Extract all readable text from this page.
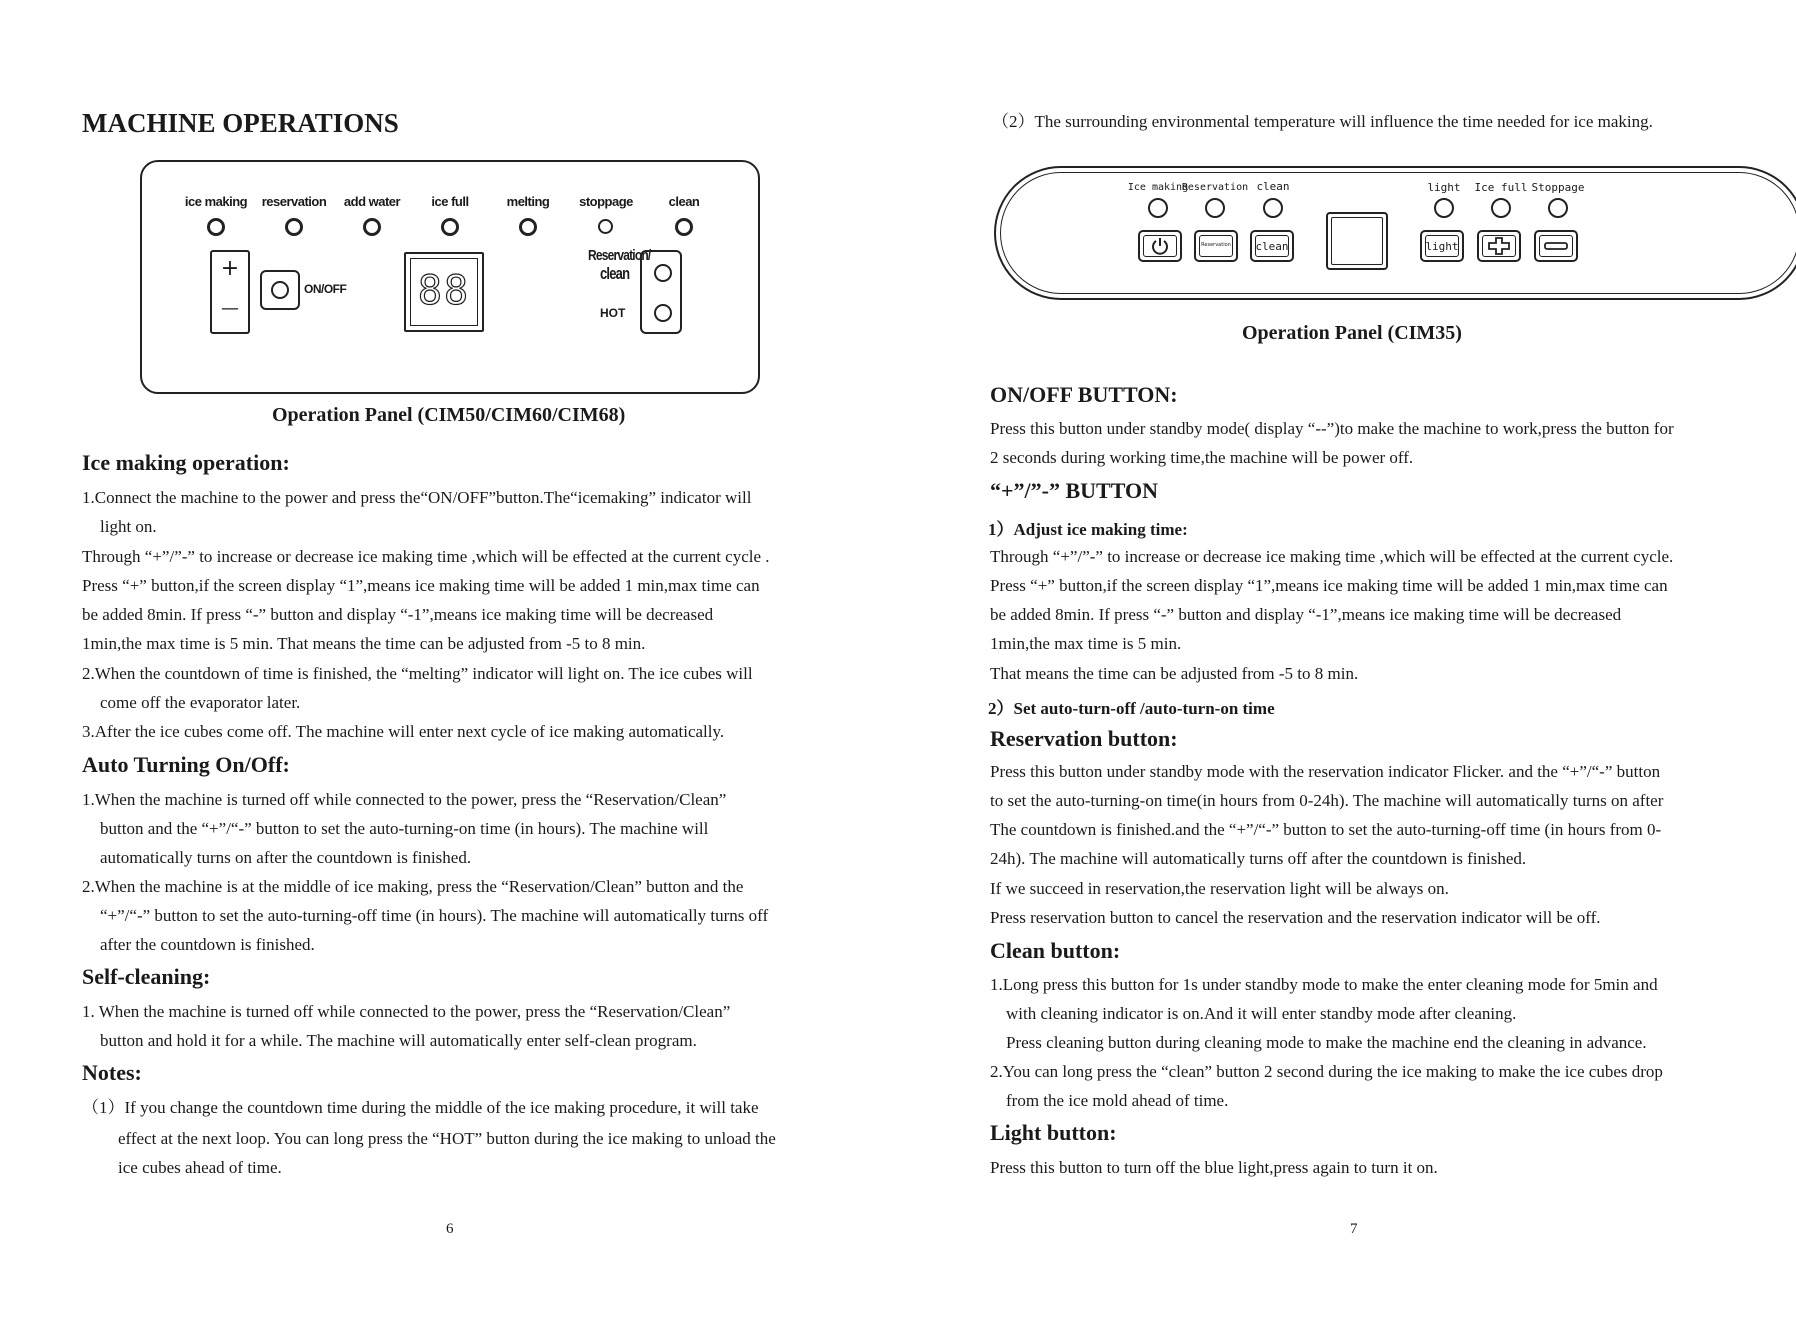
MACHINE OPERATIONS
ice making reservation add water ice full	melting stoppage	clean
+
—
ON/OFF 88
Reservation/
clean
HOT
Operation Panel (CIM50/CIM60/CIM68)
Ice making operation:
1.Connect the machine to the power and press the“ON/OFF”button.The“icemaking” indicator will
light on.
Through “+”/”-” to increase or decrease ice making time ,which will be effected at the current cycle .
Press “+” button,if the screen display “1”,means ice making time will be added 1 min,max time can
be added 8min. If press “-” button and display “-1”,means ice making time will be decreased
1min,the max time is 5 min. That means the time can be adjusted from -5 to 8 min.
2.When the countdown of time is finished, the “melting” indicator will light on. The ice cubes will
come off the evaporator later.
3.After the ice cubes come off. The machine will enter next cycle of ice making automatically.
Auto Turning On/Off:
1.When the machine is turned off while connected to the power, press the “Reservation/Clean”
button and the “+”/“-” button to set the auto-turning-on time (in hours). The machine will
automatically turns on after the countdown is finished.
2.When the machine is at the middle of ice making, press the “Reservation/Clean” button and the
“+”/“-” button to set the auto-turning-off time (in hours). The machine will automatically turns off
after the countdown is finished.
Self-cleaning:
1. When the machine is turned off while connected to the power, press the “Reservation/Clean”
button and hold it for a while. The machine will automatically enter self-clean program.
Notes:
（1）If you change the countdown time during the middle of the ice making procedure, it will take
effect at the next loop. You can long press the “HOT” button during the ice making to unload the
ice cubes ahead of time.
6
（2）The surrounding environmental temperature will influence the time needed for ice making.
Ice making
Reservation clean	light Ice full Stoppage
Reservation	clean	light
Operation Panel (CIM35)
ON/OFF BUTTON:
Press this button under standby mode( display “--”)to make the machine to work,press the button for
2 seconds during working time,the machine will be power off.
“+”/”-” BUTTON
1）Adjust ice making time:
Through “+”/”-” to increase or decrease ice making time ,which will be effected at the current cycle.
Press “+” button,if the screen display “1”,means ice making time will be added 1 min,max time can
be added 8min. If press “-” button and display “-1”,means ice making time will be decreased
1min,the max time is 5 min.
That means the time can be adjusted from -5 to 8 min.
2）Set auto-turn-off /auto-turn-on time
Reservation button:
Press this button under standby mode with the reservation indicator Flicker. and the “+”/“-” button
to set the auto-turning-on time(in hours from 0-24h). The machine will automatically turns on after
The countdown is finished.and the “+”/“-” button to set the auto-turning-off time (in hours from 0-
24h). The machine will automatically turns off after the countdown is finished.
If we succeed in reservation,the reservation light will be always on.
Press reservation button to cancel the reservation and the reservation indicator will be off.
Clean button:
1.Long press this button for 1s under standby mode to make the enter cleaning mode for 5min and
with cleaning indicator is on.And it will enter standby mode after cleaning.
Press cleaning button during cleaning mode to make the machine end the cleaning in advance.
2.You can long press the “clean” button 2 second during the ice making to make the ice cubes drop
from the ice mold ahead of time.
Light button:
Press this button to turn off the blue light,press again to turn it on.
7
